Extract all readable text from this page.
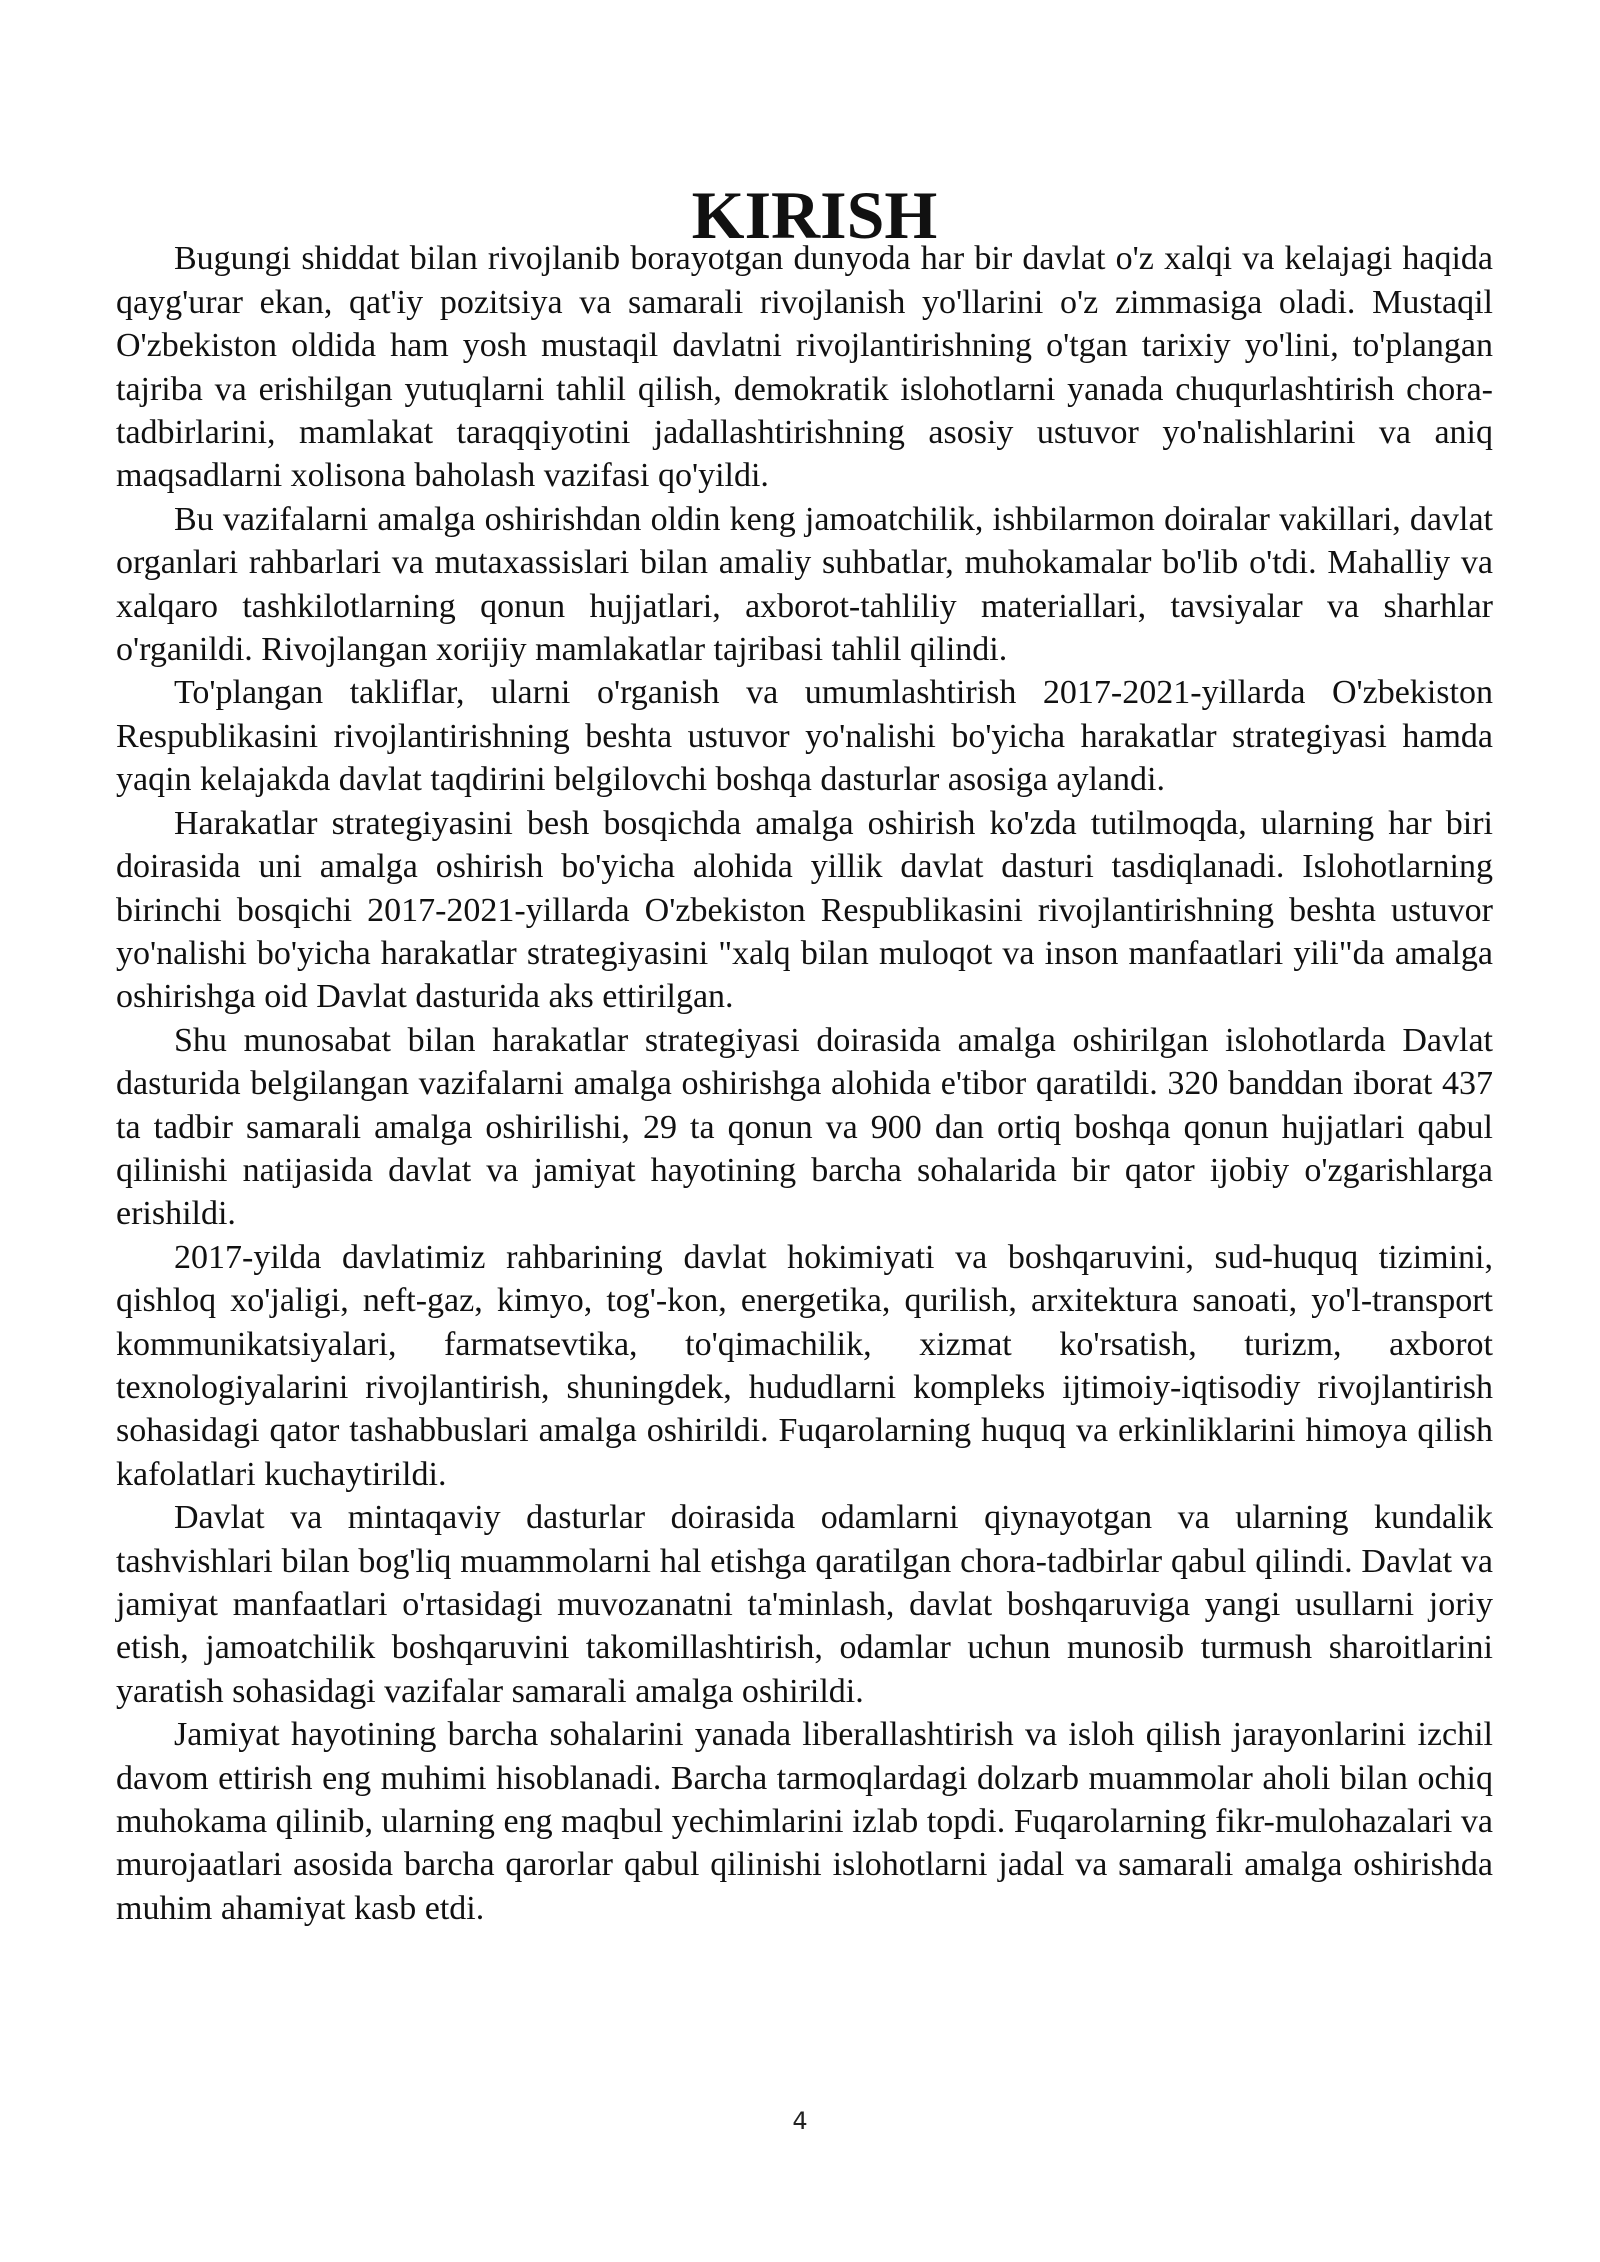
KIRISH

Bugungi shiddat bilan rivojlanib borayotgan dunyoda har bir davlat o'z xalqi va kelajagi haqida qayg'urar ekan, qat'iy pozitsiya va samarali rivojlanish yo'llarini o'z zimmasiga oladi. Mustaqil O'zbekiston oldida ham yosh mustaqil davlatni rivojlantirishning o'tgan tarixiy yo'lini, to'plangan tajriba va erishilgan yutuqlarni tahlil qilish, demokratik islohotlarni yanada chuqurlashtirish chora-tadbirlarini, mamlakat taraqqiyotini jadallashtirishning asosiy ustuvor yo'nalishlarini va aniq maqsadlarni xolisona baholash vazifasi qo'yildi.

Bu vazifalarni amalga oshirishdan oldin keng jamoatchilik, ishbilarmon doiralar vakillari, davlat organlari rahbarlari va mutaxassislari bilan amaliy suhbatlar, muhokamalar bo'lib o'tdi. Mahalliy va xalqaro tashkilotlarning qonun hujjatlari, axborot-tahliliy materiallari, tavsiyalar va sharhlar o'rganildi. Rivojlangan xorijiy mamlakatlar tajribasi tahlil qilindi.

To'plangan takliflar, ularni o'rganish va umumlashtirish 2017-2021-yillarda O'zbekiston Respublikasini rivojlantirishning beshta ustuvor yo'nalishi bo'yicha harakatlar strategiyasi hamda yaqin kelajakda davlat taqdirini belgilovchi boshqa dasturlar asosiga aylandi.

Harakatlar strategiyasini besh bosqichda amalga oshirish ko'zda tutilmoqda, ularning har biri doirasida uni amalga oshirish bo'yicha alohida yillik davlat dasturi tasdiqlanadi. Islohotlarning birinchi bosqichi 2017-2021-yillarda O'zbekiston Respublikasini rivojlantirishning beshta ustuvor yo'nalishi bo'yicha harakatlar strategiyasini "xalq bilan muloqot va inson manfaatlari yili"da amalga oshirishga oid Davlat dasturida aks ettirilgan.

Shu munosabat bilan harakatlar strategiyasi doirasida amalga oshirilgan islohotlarda Davlat dasturida belgilangan vazifalarni amalga oshirishga alohida e'tibor qaratildi. 320 banddan iborat 437 ta tadbir samarali amalga oshirilishi, 29 ta qonun va 900 dan ortiq boshqa qonun hujjatlari qabul qilinishi natijasida davlat va jamiyat hayotining barcha sohalarida bir qator ijobiy o'zgarishlarga erishildi.

2017-yilda davlatimiz rahbarining davlat hokimiyati va boshqaruvini, sud-huquq tizimini, qishloq xo'jaligi, neft-gaz, kimyo, tog'-kon, energetika, qurilish, arxitektura sanoati, yo'l-transport kommunikatsiyalari, farmatsevtika, to'qimachilik, xizmat ko'rsatish, turizm, axborot texnologiyalarini rivojlantirish, shuningdek, hududlarni kompleks ijtimoiy-iqtisodiy rivojlantirish sohasidagi qator tashabbuslari amalga oshirildi. Fuqarolarning huquq va erkinliklarini himoya qilish kafolatlari kuchaytirildi.

Davlat va mintaqaviy dasturlar doirasida odamlarni qiynayotgan va ularning kundalik tashvishlari bilan bog'liq muammolarni hal etishga qaratilgan chora-tadbirlar qabul qilindi. Davlat va jamiyat manfaatlari o'rtasidagi muvozanatni ta'minlash, davlat boshqaruviga yangi usullarni joriy etish, jamoatchilik boshqaruvini takomillashtirish, odamlar uchun munosib turmush sharoitlarini yaratish sohasidagi vazifalar samarali amalga oshirildi.

Jamiyat hayotining barcha sohalarini yanada liberallashtirish va isloh qilish jarayonlarini izchil davom ettirish eng muhimi hisoblanadi. Barcha tarmoqlardagi dolzarb muammolar aholi bilan ochiq muhokama qilinib, ularning eng maqbul yechimlarini izlab topdi. Fuqarolarning fikr-mulohazalari va murojaatlari asosida barcha qarorlar qabul qilinishi islohotlarni jadal va samarali amalga oshirishda muhim ahamiyat kasb etdi.

4
